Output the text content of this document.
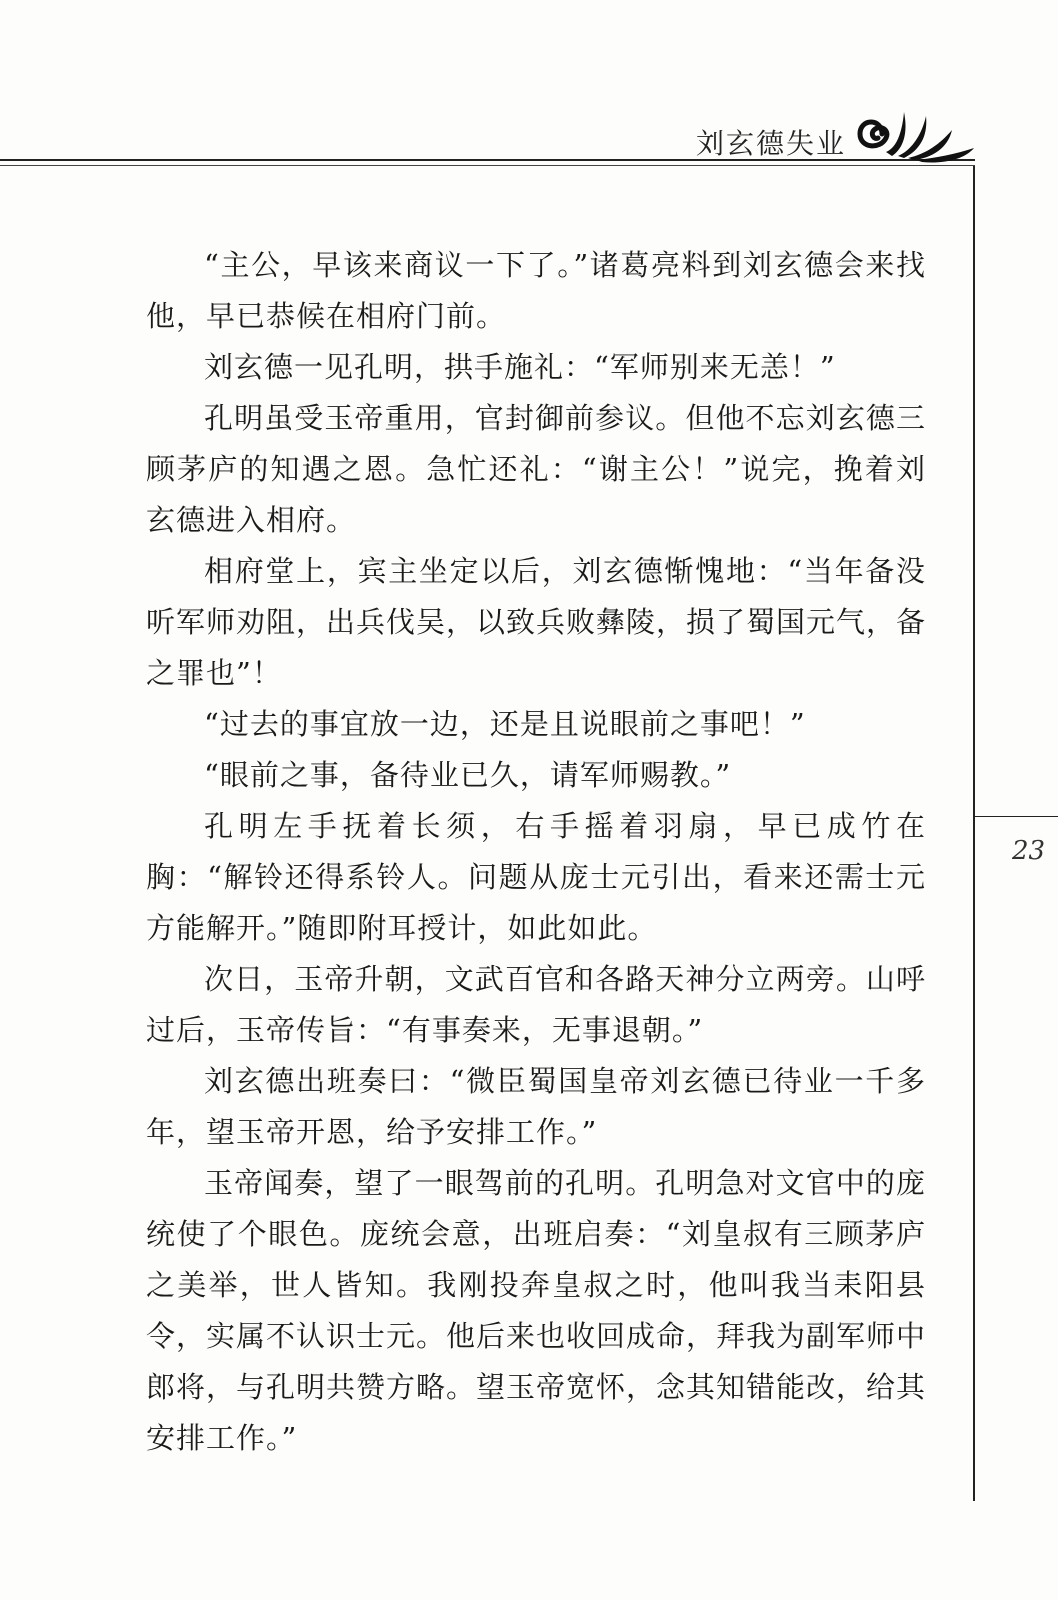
刘玄德失业
23

“主公，早该来商议一下了。”诸葛亮料到刘玄德会来找他，早已恭候在相府门前。

刘玄德一见孔明，拱手施礼：“军师别来无恙！”

孔明虽受玉帝重用，官封御前参议。但他不忘刘玄德三顾茅庐的知遇之恩。急忙还礼：“谢主公！”说完，挽着刘玄德进入相府。

相府堂上，宾主坐定以后，刘玄德惭愧地：“当年备没听军师劝阻，出兵伐吴，以致兵败彝陵，损了蜀国元气，备之罪也”！

“过去的事宜放一边，还是且说眼前之事吧！”

“眼前之事，备待业已久，请军师赐教。”

孔明左手抚着长须，右手摇着羽扇，早已成竹在胸：“解铃还得系铃人。问题从庞士元引出，看来还需士元方能解开。”随即附耳授计，如此如此。

次日，玉帝升朝，文武百官和各路天神分立两旁。山呼过后，玉帝传旨：“有事奏来，无事退朝。”

刘玄德出班奏曰：“微臣蜀国皇帝刘玄德已待业一千多年，望玉帝开恩，给予安排工作。”

玉帝闻奏，望了一眼驾前的孔明。孔明急对文官中的庞统使了个眼色。庞统会意，出班启奏：“刘皇叔有三顾茅庐之美举，世人皆知。我刚投奔皇叔之时，他叫我当耒阳县令，实属不认识士元。他后来也收回成命，拜我为副军师中郎将，与孔明共赞方略。望玉帝宽怀，念其知错能改，给其安排工作。”
